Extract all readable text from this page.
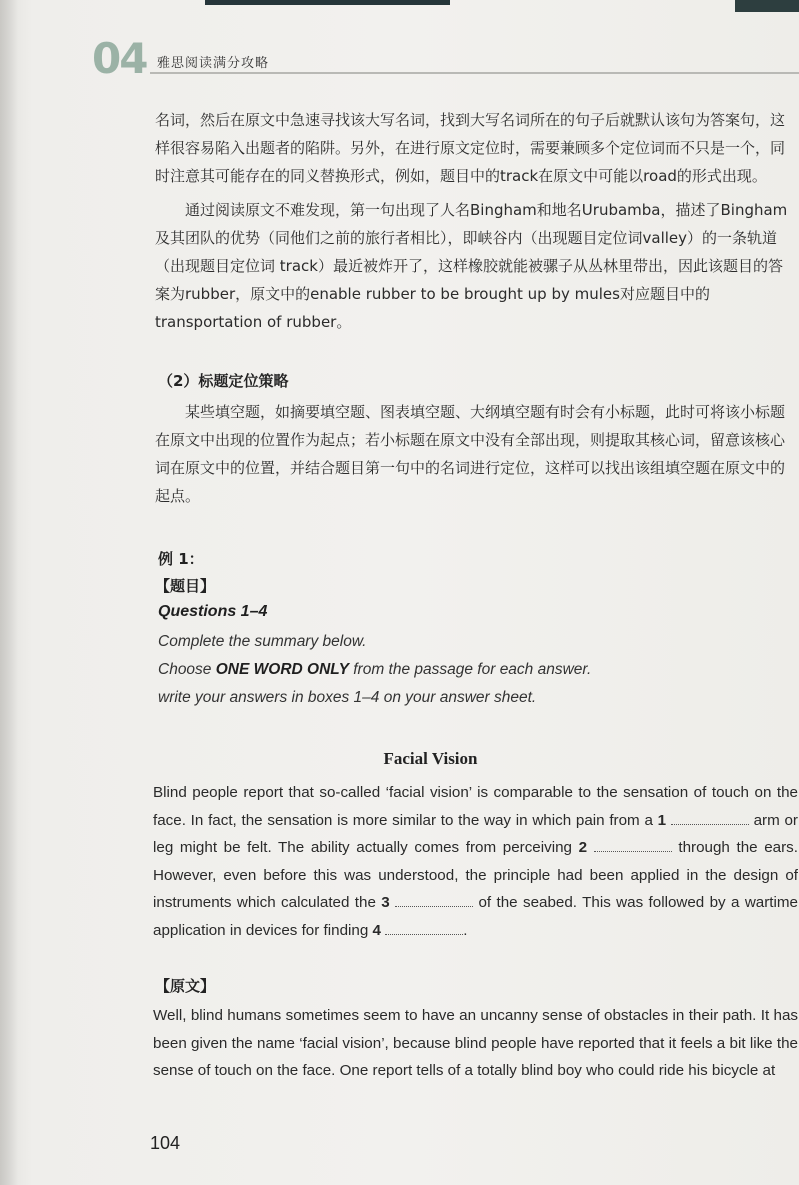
04 雅思阅读满分攻略

名词，然后在原文中急速寻找该大写名词，找到大写名词所在的句子后就默认该句为答案句，这样很容易陷入出题者的陷阱。另外，在进行原文定位时，需要兼顾多个定位词而不只是一个，同时注意其可能存在的同义替换形式，例如，题目中的track在原文中可能以road的形式出现。

通过阅读原文不难发现，第一句出现了人名Bingham和地名Urubamba，描述了Bingham及其团队的优势（同他们之前的旅行者相比），即峡谷内（出现题目定位词valley）的一条轨道（出现题目定位词 track）最近被炸开了，这样橡胶就能被骡子从丛林里带出，因此该题目的答案为rubber，原文中的enable rubber to be brought up by mules对应题目中的transportation of rubber。

（2）标题定位策略

某些填空题，如摘要填空题、图表填空题、大纲填空题有时会有小标题，此时可将该小标题在原文中出现的位置作为起点；若小标题在原文中没有全部出现，则提取其核心词，留意该核心词在原文中的位置，并结合题目第一句中的名词进行定位，这样可以找出该组填空题在原文中的起点。

例 1：
【题目】
Questions 1–4
Complete the summary below.
Choose ONE WORD ONLY from the passage for each answer.
write your answers in boxes 1–4 on your answer sheet.
Facial Vision
Blind people report that so-called ‘facial vision’ is comparable to the sensation of touch on the face. In fact, the sensation is more similar to the way in which pain from a 1	arm or leg might be felt. The ability actually comes from perceiving 2	through the ears. However, even before this was understood, the principle had been applied in the design of instruments which calculated the 3	of the seabed. This was followed by a wartime application in devices for finding 4	.
【原文】
Well, blind humans sometimes seem to have an uncanny sense of obstacles in their path. It has been given the name ‘facial vision’, because blind people have reported that it feels a bit like the sense of touch on the face. One report tells of a totally blind boy who could ride his bicycle at
104
